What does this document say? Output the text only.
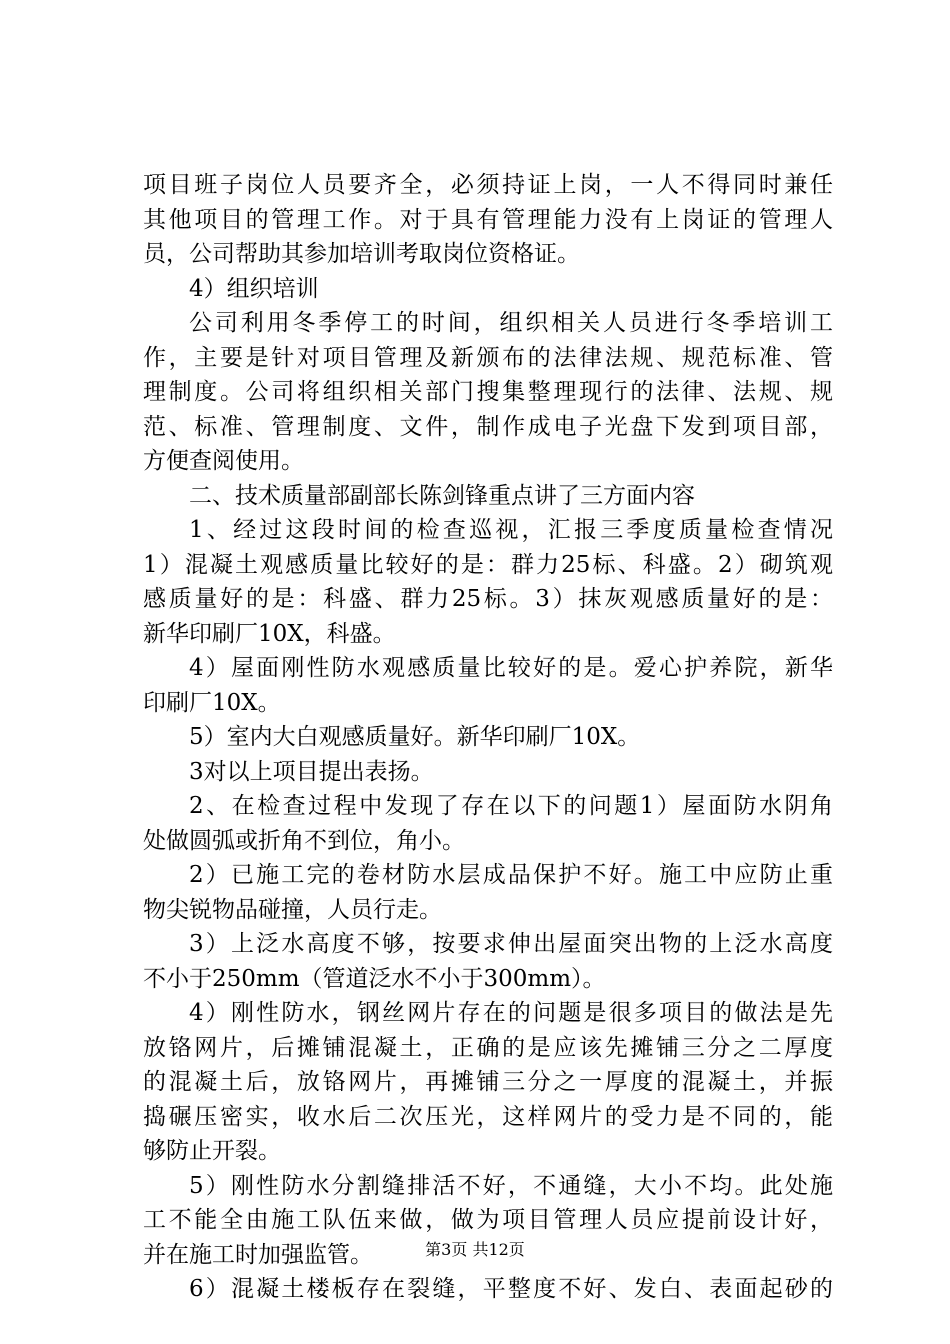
项目班子岗位人员要齐全，必须持证上岗，一人不得同时兼任
其他项目的管理工作。对于具有管理能力没有上岗证的管理人
员，公司帮助其参加培训考取岗位资格证。
4）组织培训
公司利用冬季停工的时间，组织相关人员进行冬季培训工
作，主要是针对项目管理及新颁布的法律法规、规范标准、管
理制度。公司将组织相关部门搜集整理现行的法律、法规、规
范、标准、管理制度、文件，制作成电子光盘下发到项目部，
方便查阅使用。
二、技术质量部副部长陈剑锋重点讲了三方面内容
1、经过这段时间的检查巡视，汇报三季度质量检查情况
1）混凝土观感质量比较好的是：群力25标、科盛。2）砌筑观
感质量好的是：科盛、群力25标。3）抹灰观感质量好的是：
新华印刷厂10X，科盛。
4）屋面刚性防水观感质量比较好的是。爱心护养院，新华
印刷厂10X。
5）室内大白观感质量好。新华印刷厂10X。
3对以上项目提出表扬。
2、在检查过程中发现了存在以下的问题1）屋面防水阴角
处做圆弧或折角不到位，角小。
2）已施工完的卷材防水层成品保护不好。施工中应防止重
物尖锐物品碰撞，人员行走。
3）上泛水高度不够，按要求伸出屋面突出物的上泛水高度
不小于250mm（管道泛水不小于300mm）。
4）刚性防水，钢丝网片存在的问题是很多项目的做法是先
放铬网片，后摊铺混凝土，正确的是应该先摊铺三分之二厚度
的混凝土后，放铬网片，再摊铺三分之一厚度的混凝土，并振
捣碾压密实，收水后二次压光，这样网片的受力是不同的，能
够防止开裂。
5）刚性防水分割缝排活不好，不通缝，大小不均。此处施
工不能全由施工队伍来做，做为项目管理人员应提前设计好，
并在施工时加强监管。
6）混凝土楼板存在裂缝，平整度不好、发白、表面起砂的
第3页 共12页
